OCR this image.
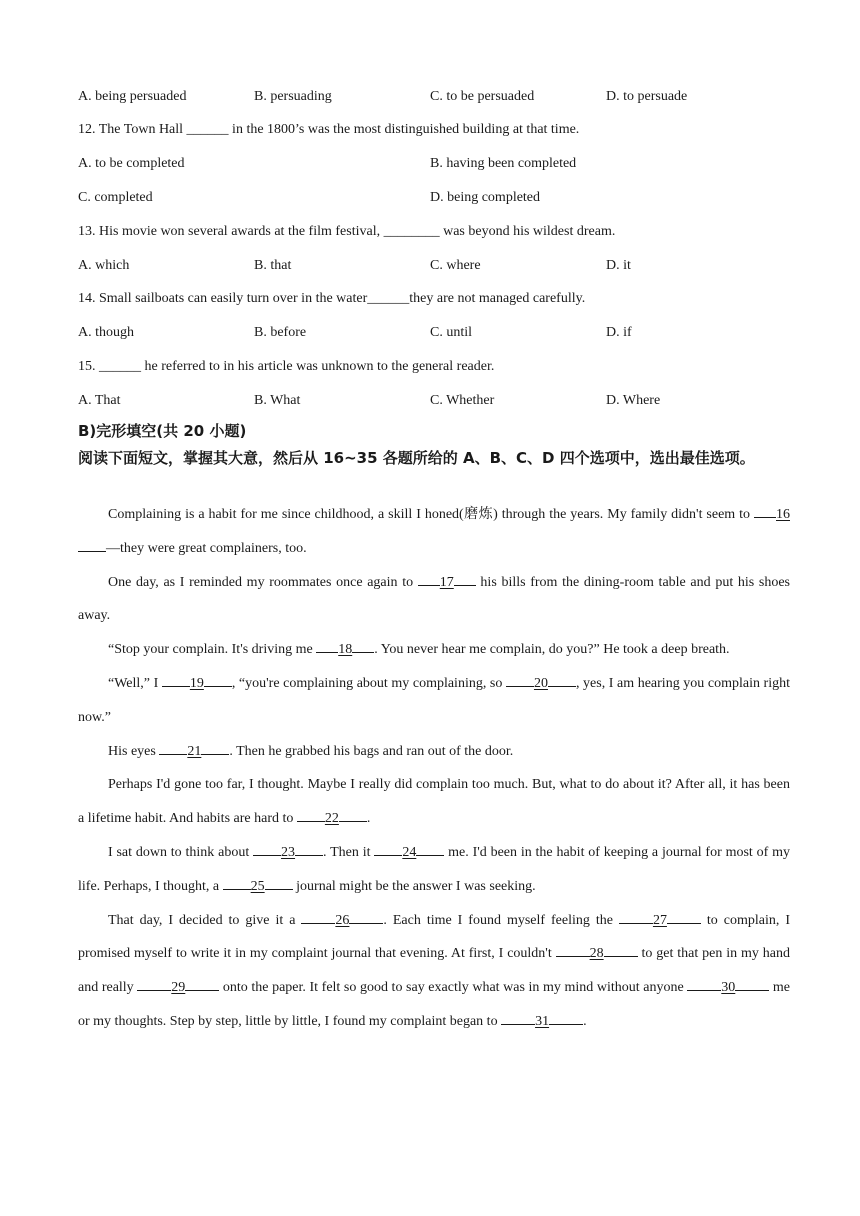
A. being persuaded	B. persuading	C. to be persuaded	D. to persuade
12. The Town Hall ______ in the 1800’s was the most distinguished building at that time.
A. to be completed	B. having been completed
C. completed	D. being completed
13. His movie won several awards at the film festival, ________ was beyond his wildest dream.
A. which	B. that	C. where	D. it
14. Small sailboats can easily turn over in the water______they are not managed carefully.
A. though	B. before	C. until	D. if
15. ______ he referred to in his article was unknown to the general reader.
A. That	B. What	C. Whether	D. Where
B)完形填空(共 20 小题)
阅读下面短文，掌握其大意，然后从 16~35 各题所给的 A、B、C、D 四个选项中，选出最佳选项。

Complaining is a habit for me since childhood, a skill I honed(磨炼) through the years. My family didn't seem to 16—they were great complainers, too.

One day, as I reminded my roommates once again to 17 his bills from the dining-room table and put his shoes away.

“Stop your complain. It's driving me 18 . You never hear me complain, do you?” He took a deep breath.

“Well,” I 19 , “you're complaining about my complaining, so 20 , yes, I am hearing you complain right now.”

His eyes 21 . Then he grabbed his bags and ran out of the door.

Perhaps I'd gone too far, I thought. Maybe I really did complain too much. But, what to do about it? After all, it has been a lifetime habit. And habits are hard to 22 .

I sat down to think about 23 . Then it 24 me. I'd been in the habit of keeping a journal for most of my life. Perhaps, I thought, a 25 journal might be the answer I was seeking.

That day, I decided to give it a 26 . Each time I found myself feeling the 27 to complain, I promised myself to write it in my complaint journal that evening. At first, I couldn't 28 to get that pen in my hand and really 29 onto the paper. It felt so good to say exactly what was in my mind without anyone 30 me or my thoughts. Step by step, little by little, I found my complaint began to 31 .
